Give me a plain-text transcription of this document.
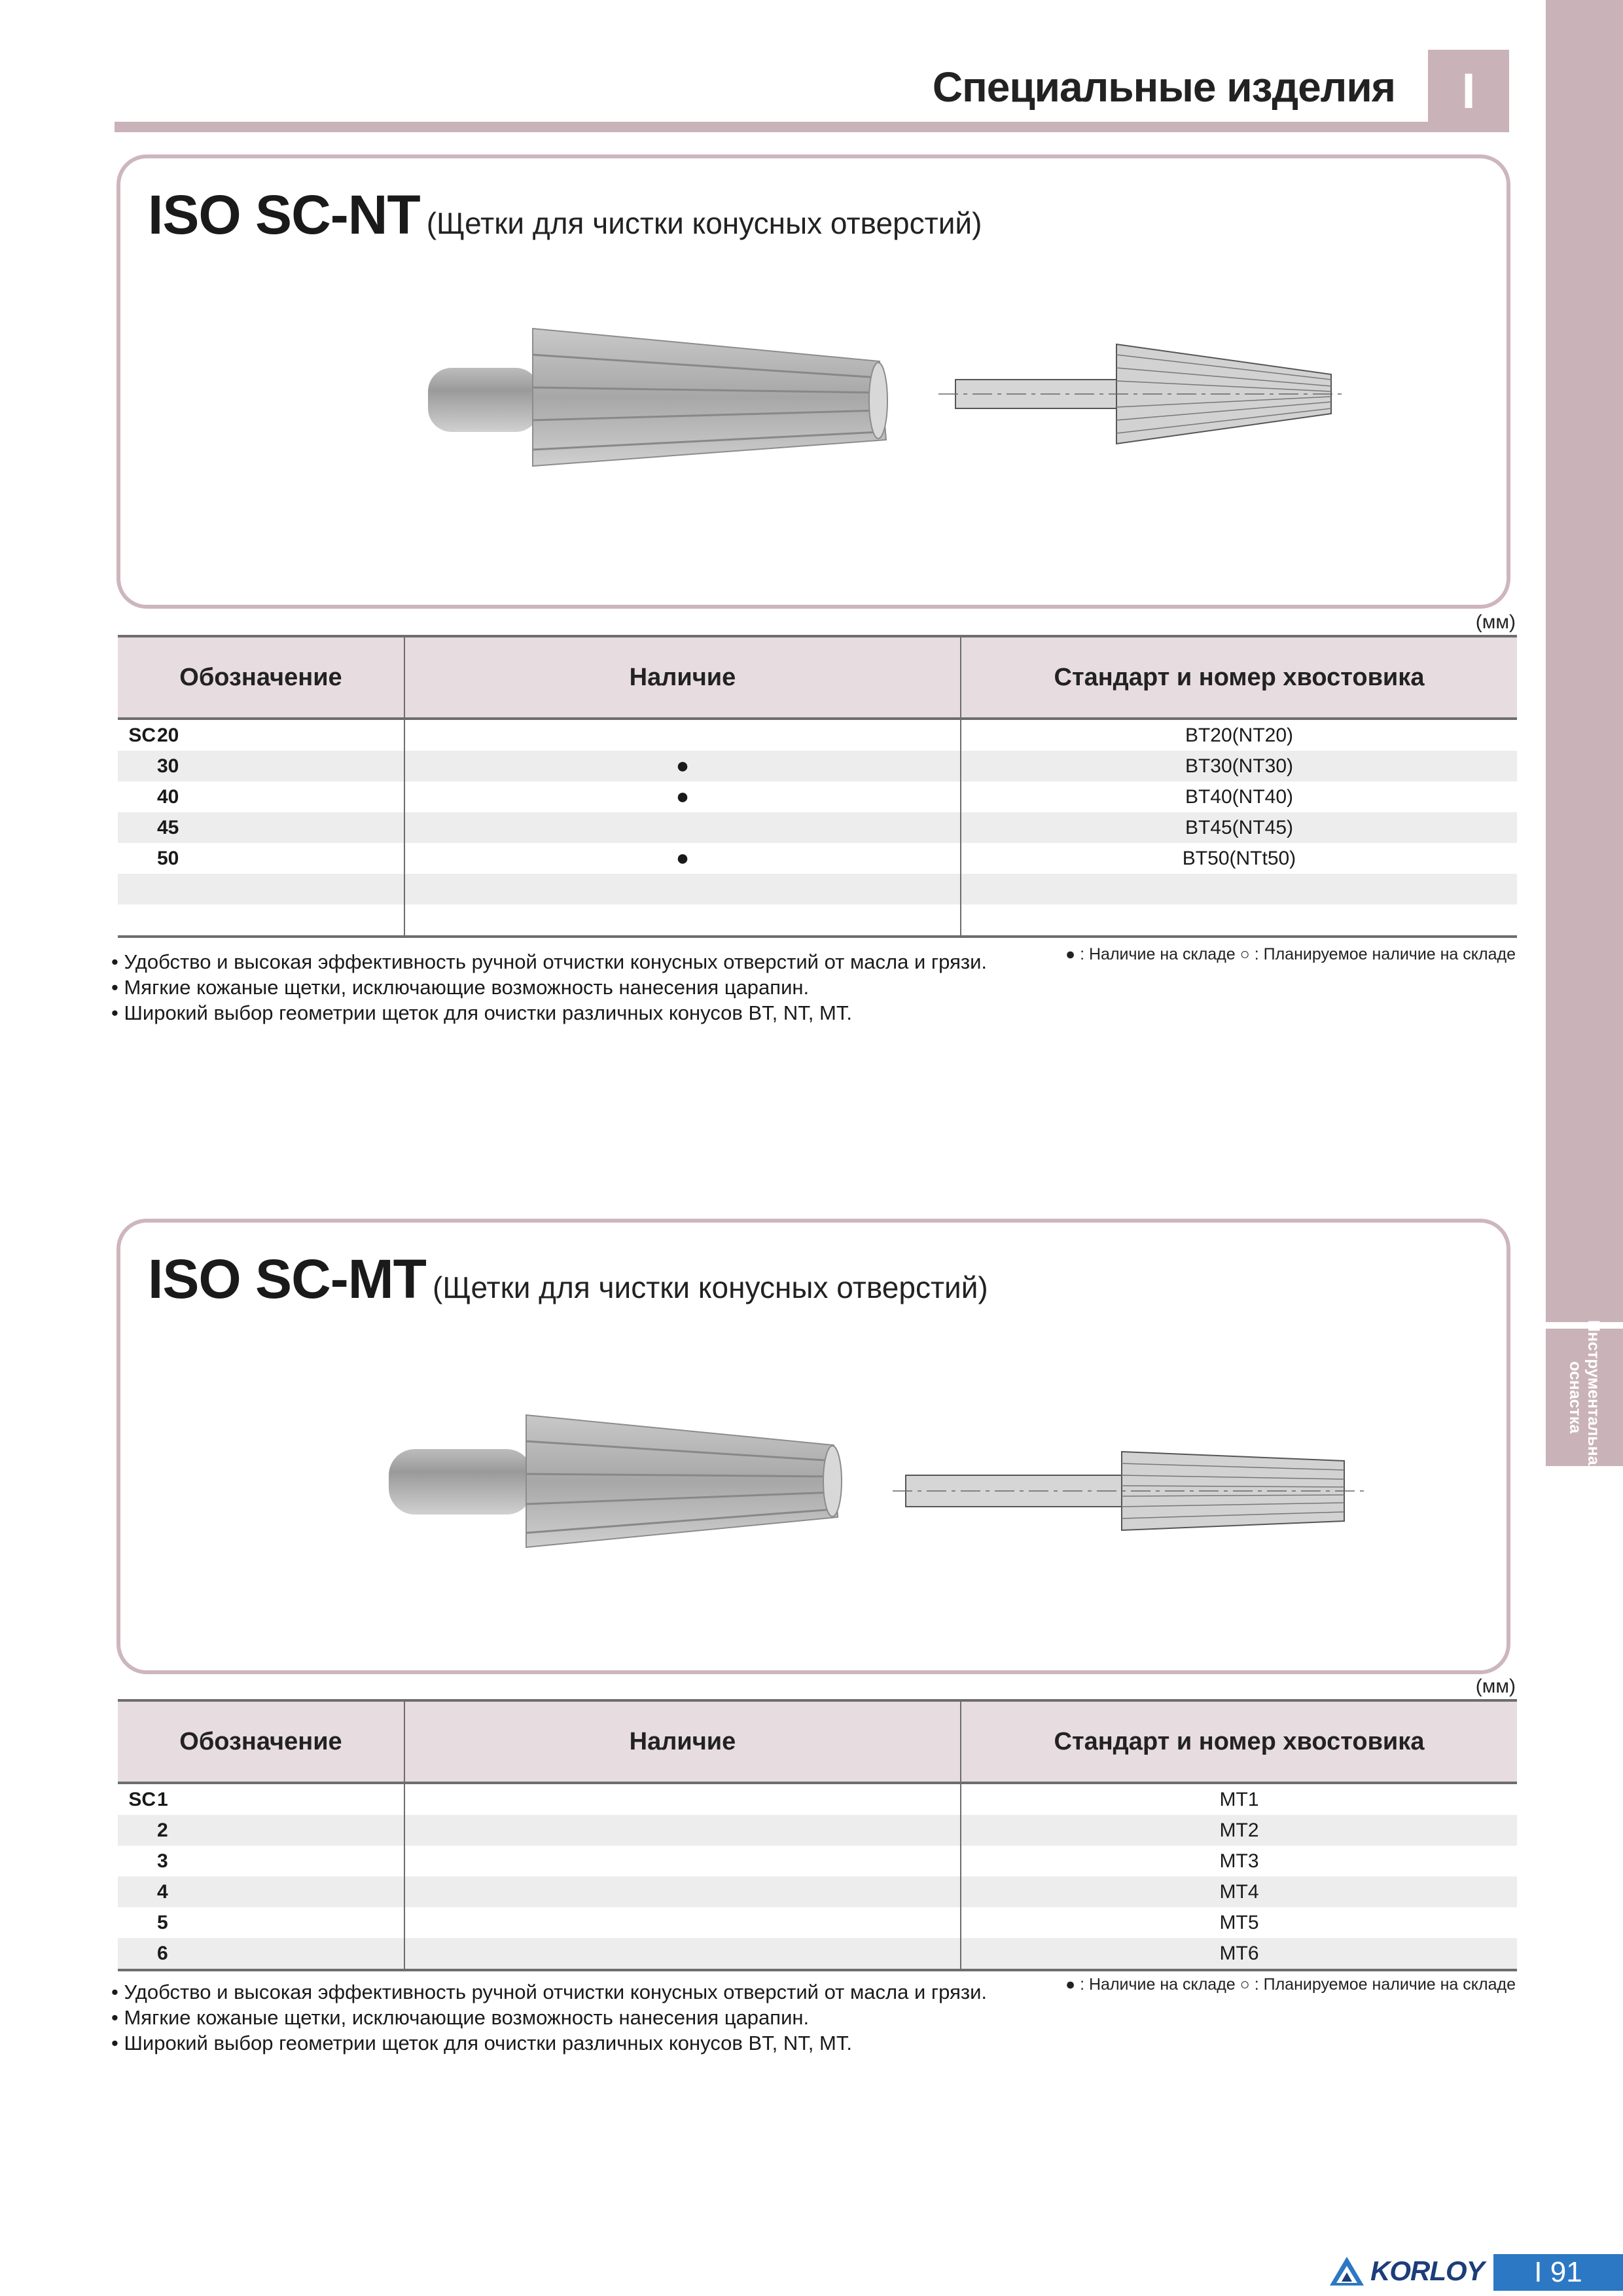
Инструментальная
оснастка
Специальные изделия	I
ISO SC-NT (Щетки для чистки конусных отверстий)
(мм)
Обозначение	Наличие	Стандарт и номер хвостовика
SC20		BT20(NT20)
30	●	BT30(NT30)
40	●	BT40(NT40)
45		BT45(NT45)
50	●	BT50(NTt50)

• Удобство и высокая эффективность ручной отчистки конусных отверстий от масла и грязи.
• Мягкие кожаные щетки, исключающие возможность нанесения царапин.
• Широкий выбор геометрии щеток для очистки различных конусов BT, NT, MT.
● : Наличие на складе ○ : Планируемое наличие на складе
ISO SC-MT (Щетки для чистки конусных отверстий)
(мм)
Обозначение	Наличие	Стандарт и номер хвостовика
SC1		MT1
2		MT2
3		MT3
4		MT4
5		MT5
6		MT6
• Удобство и высокая эффективность ручной отчистки конусных отверстий от масла и грязи.
• Мягкие кожаные щетки, исключающие возможность нанесения царапин.
• Широкий выбор геометрии щеток для очистки различных конусов BT, NT, MT.
● : Наличие на складе ○ : Планируемое наличие на складе
KORLOY	I 91
